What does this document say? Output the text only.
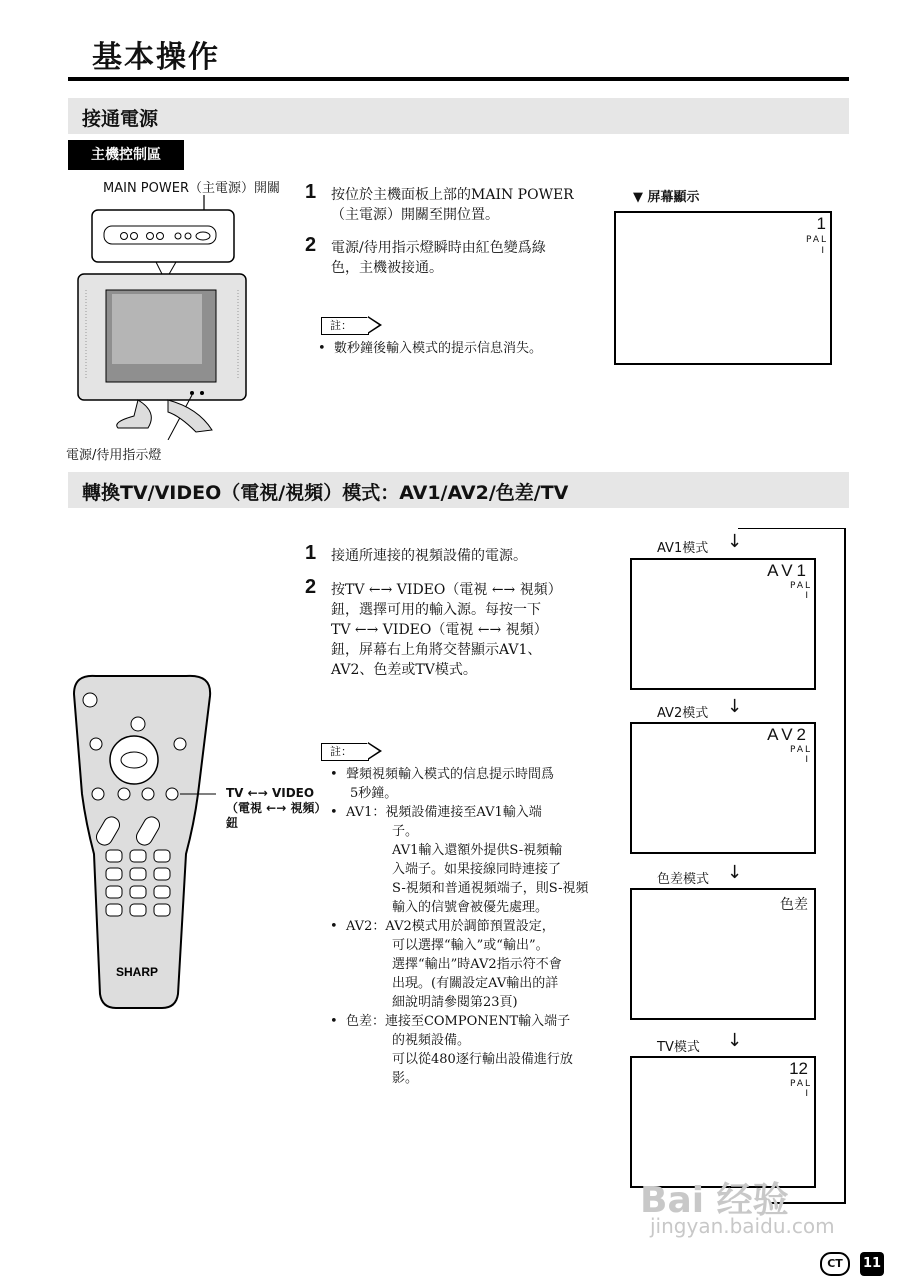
基本操作
接通電源
主機控制區
MAIN POWER（主電源）開關
電源/待用指示燈
1 按位於主機面板上部的MAIN POWER
（主電源）開關至開位置。
2 電源/待用指示燈瞬時由紅色變爲綠
色，主機被接通。
註：
•  數秒鐘後輸入模式的提示信息消失。
▼ 屏幕顯示
1
PAL
I
轉換TV/VIDEO（電視/視頻）模式：AV1/AV2/色差/TV
1 接通所連接的視頻設備的電源。
2 按TV ←→ VIDEO（電視 ←→ 視頻）
鈕，選擇可用的輸入源。每按一下
TV ←→ VIDEO（電視 ←→ 視頻）
鈕，屏幕右上角將交替顯示AV1、
AV2、色差或TV模式。
SHARP
TV ←→ VIDEO
（電視 ←→ 視頻）
鈕
註：
•  聲頻視頻輸入模式的信息提示時間爲
5秒鐘。
•  AV1：視頻設備連接至AV1輸入端
子。
AV1輸入還額外提供S-視頻輸
入端子。如果接線同時連接了
S-視頻和普通視頻端子，則S-視頻
輸入的信號會被優先處理。
•  AV2：AV2模式用於調節預置設定，
可以選擇“輸入”或“輸出”。
選擇“輸出”時AV2指示符不會
出現。(有關設定AV輸出的詳
細說明請參閱第23頁)
•  色差：連接至COMPONENT輸入端子
的視頻設備。
可以從480逐行輸出設備進行放
影。
AV1模式 ↓
AV1
PAL
I
AV2模式 ↓
AV2
PAL
I
色差模式 ↓
色差
TV模式 ↓
12
PAL
I
Bai 经验
jingyan.baidu.com
CT	11
